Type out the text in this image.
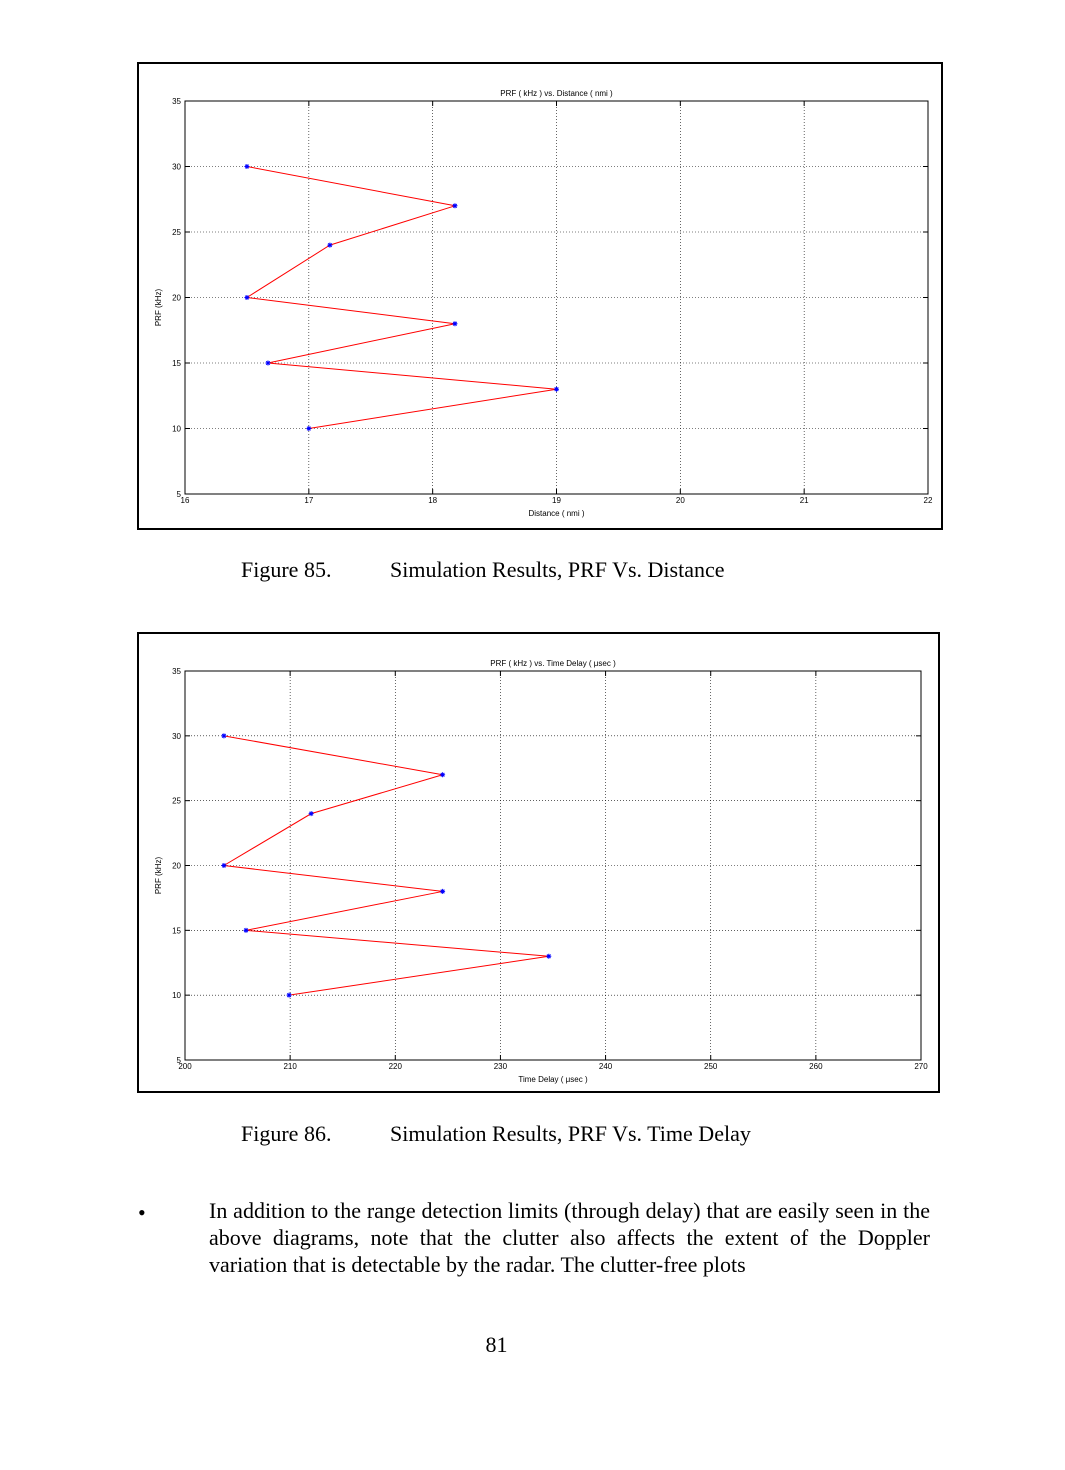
16	17	18	19	20	21	22
5
10
15
20
25
30
35
PRF ( kHz ) vs. Distance ( nmi )
Distance ( nmi )
PRF (kHz)
Figure 85.	Simulation Results, PRF Vs. Distance
200	210	220	230	240	250	260	270
5
10
15
20
25
30
35
PRF ( kHz ) vs. Time Delay ( μsec )
Time Delay ( μsec )
PRF (kHz)
Figure 86.	Simulation Results, PRF Vs. Time Delay
•	In addition to the range detection limits (through delay) that are easily seen in the above diagrams, note that the clutter also affects the extent of the Doppler variation that is detectable by the radar. The clutter-free plots
81
